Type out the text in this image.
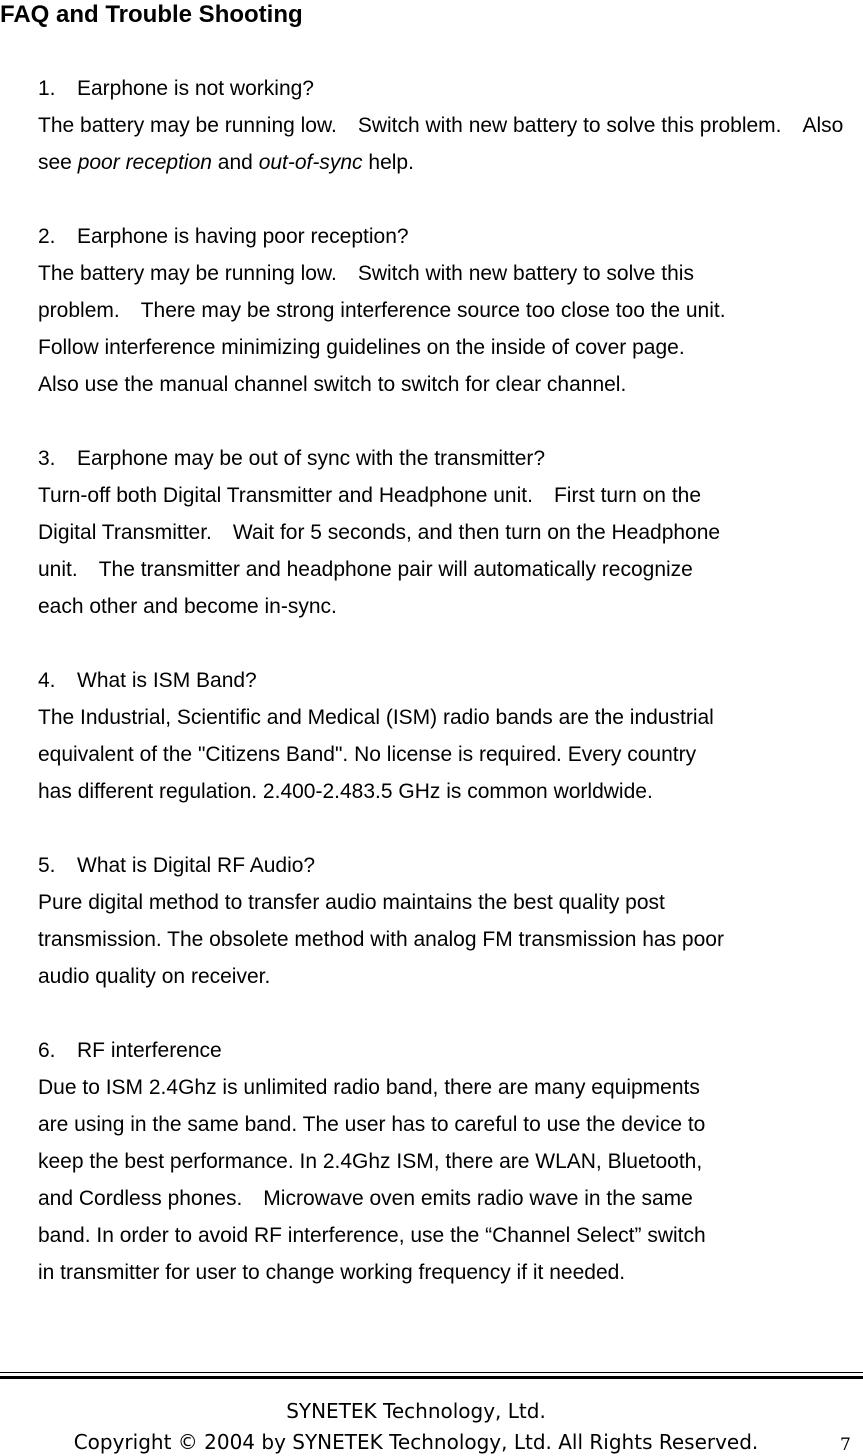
FAQ and Trouble Shooting
1.	Earphone is not working?
The battery may be running low.　Switch with new battery to solve this problem.　Also see poor reception and out-of-sync help.
2.	Earphone is having poor reception?
The battery may be running low.　Switch with new battery to solve this
problem.　There may be strong interference source too close too the unit.
Follow interference minimizing guidelines on the inside of cover page.
Also use the manual channel switch to switch for clear channel.
3.	Earphone may be out of sync with the transmitter?
Turn-off both Digital Transmitter and Headphone unit.　First turn on the
Digital Transmitter.　Wait for 5 seconds, and then turn on the Headphone
unit.　The transmitter and headphone pair will automatically recognize
each other and become in-sync.
4.	What is ISM Band?
The Industrial, Scientific and Medical (ISM) radio bands are the industrial
equivalent of the "Citizens Band". No license is required. Every country
has different regulation. 2.400-2.483.5 GHz is common worldwide.
5.	What is Digital RF Audio?
Pure digital method to transfer audio maintains the best quality post
transmission. The obsolete method with analog FM transmission has poor
audio quality on receiver.
6.	RF interference
Due to ISM 2.4Ghz is unlimited radio band, there are many equipments
are using in the same band. The user has to careful to use the device to
keep the best performance. In 2.4Ghz ISM, there are WLAN, Bluetooth,
and Cordless phones.　Microwave oven emits radio wave in the same
band. In order to avoid RF interference, use the “Channel Select” switch
in transmitter for user to change working frequency if it needed.
SYNETEK Technology, Ltd.
Copyright © 2004 by SYNETEK Technology, Ltd. All Rights Reserved.	7
